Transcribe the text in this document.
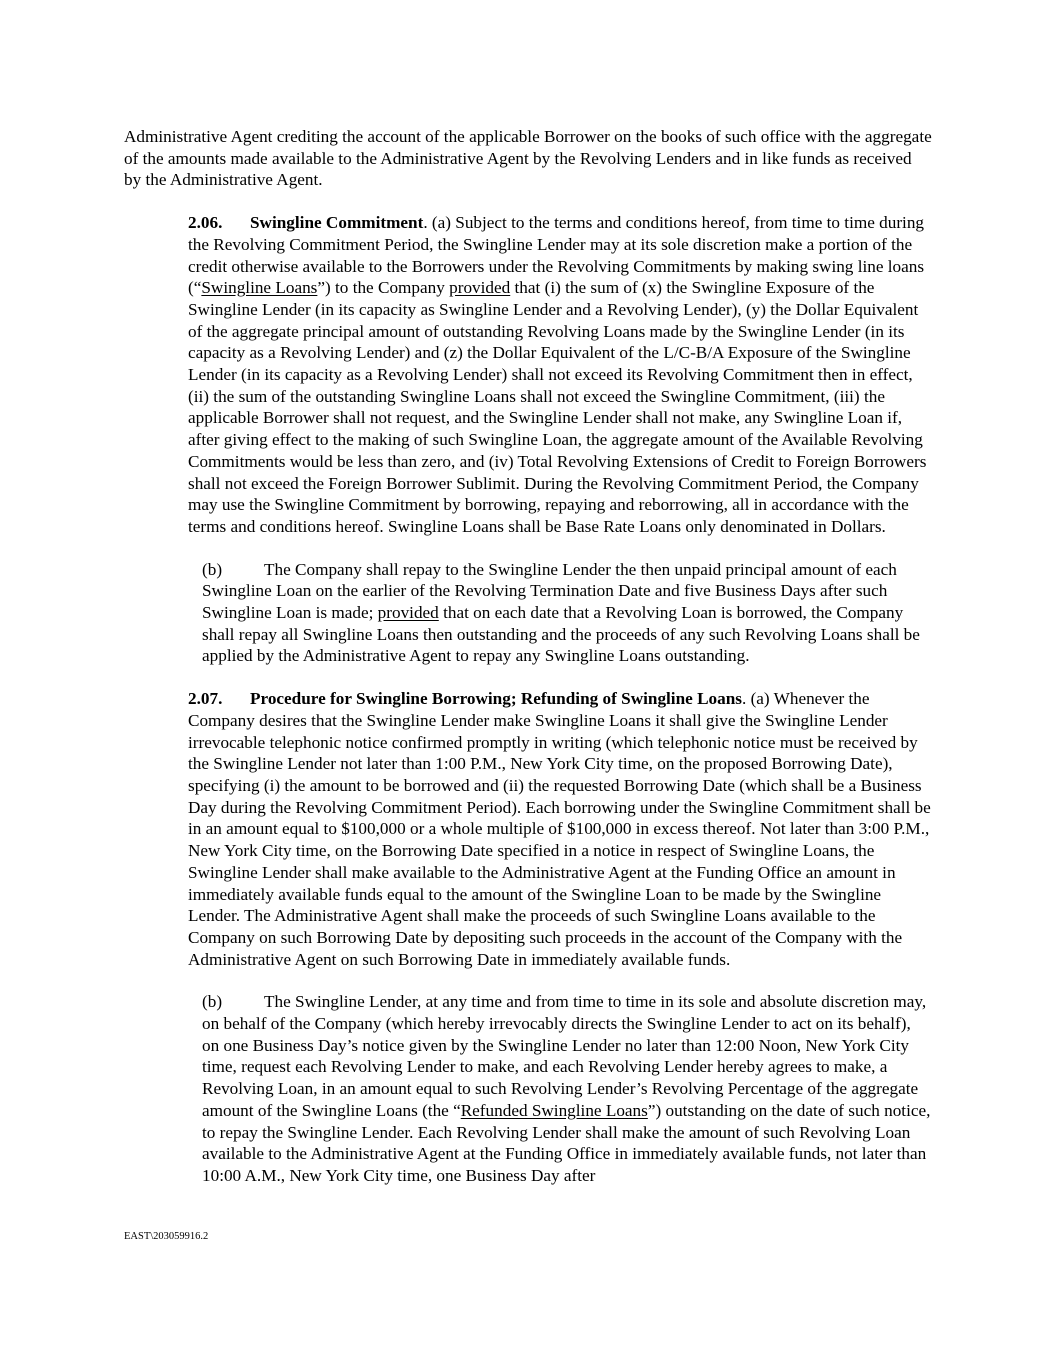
Administrative Agent crediting the account of the applicable Borrower on the books of such office with the aggregate of the amounts made available to the Administrative Agent by the Revolving Lenders and in like funds as received by the Administrative Agent.

2.06. Swingline Commitment. (a) Subject to the terms and conditions hereof, from time to time during the Revolving Commitment Period, the Swingline Lender may at its sole discretion make a portion of the credit otherwise available to the Borrowers under the Revolving Commitments by making swing line loans (“Swingline Loans”) to the Company provided that (i) the sum of (x) the Swingline Exposure of the Swingline Lender (in its capacity as Swingline Lender and a Revolving Lender), (y) the Dollar Equivalent of the aggregate principal amount of outstanding Revolving Loans made by the Swingline Lender (in its capacity as a Revolving Lender) and (z) the Dollar Equivalent of the L/C-B/A Exposure of the Swingline Lender (in its capacity as a Revolving Lender) shall not exceed its Revolving Commitment then in effect, (ii) the sum of the outstanding Swingline Loans shall not exceed the Swingline Commitment, (iii) the applicable Borrower shall not request, and the Swingline Lender shall not make, any Swingline Loan if, after giving effect to the making of such Swingline Loan, the aggregate amount of the Available Revolving Commitments would be less than zero, and (iv) Total Revolving Extensions of Credit to Foreign Borrowers shall not exceed the Foreign Borrower Sublimit. During the Revolving Commitment Period, the Company may use the Swingline Commitment by borrowing, repaying and reborrowing, all in accordance with the terms and conditions hereof. Swingline Loans shall be Base Rate Loans only denominated in Dollars.

(b) The Company shall repay to the Swingline Lender the then unpaid principal amount of each Swingline Loan on the earlier of the Revolving Termination Date and five Business Days after such Swingline Loan is made; provided that on each date that a Revolving Loan is borrowed, the Company shall repay all Swingline Loans then outstanding and the proceeds of any such Revolving Loans shall be applied by the Administrative Agent to repay any Swingline Loans outstanding.

2.07. Procedure for Swingline Borrowing; Refunding of Swingline Loans. (a) Whenever the Company desires that the Swingline Lender make Swingline Loans it shall give the Swingline Lender irrevocable telephonic notice confirmed promptly in writing (which telephonic notice must be received by the Swingline Lender not later than 1:00 P.M., New York City time, on the proposed Borrowing Date), specifying (i) the amount to be borrowed and (ii) the requested Borrowing Date (which shall be a Business Day during the Revolving Commitment Period). Each borrowing under the Swingline Commitment shall be in an amount equal to $100,000 or a whole multiple of $100,000 in excess thereof. Not later than 3:00 P.M., New York City time, on the Borrowing Date specified in a notice in respect of Swingline Loans, the Swingline Lender shall make available to the Administrative Agent at the Funding Office an amount in immediately available funds equal to the amount of the Swingline Loan to be made by the Swingline Lender. The Administrative Agent shall make the proceeds of such Swingline Loans available to the Company on such Borrowing Date by depositing such proceeds in the account of the Company with the Administrative Agent on such Borrowing Date in immediately available funds.

(b) The Swingline Lender, at any time and from time to time in its sole and absolute discretion may, on behalf of the Company (which hereby irrevocably directs the Swingline Lender to act on its behalf), on one Business Day’s notice given by the Swingline Lender no later than 12:00 Noon, New York City time, request each Revolving Lender to make, and each Revolving Lender hereby agrees to make, a Revolving Loan, in an amount equal to such Revolving Lender’s Revolving Percentage of the aggregate amount of the Swingline Loans (the “Refunded Swingline Loans”) outstanding on the date of such notice, to repay the Swingline Lender. Each Revolving Lender shall make the amount of such Revolving Loan available to the Administrative Agent at the Funding Office in immediately available funds, not later than 10:00 A.M., New York City time, one Business Day after

EAST\203059916.2
